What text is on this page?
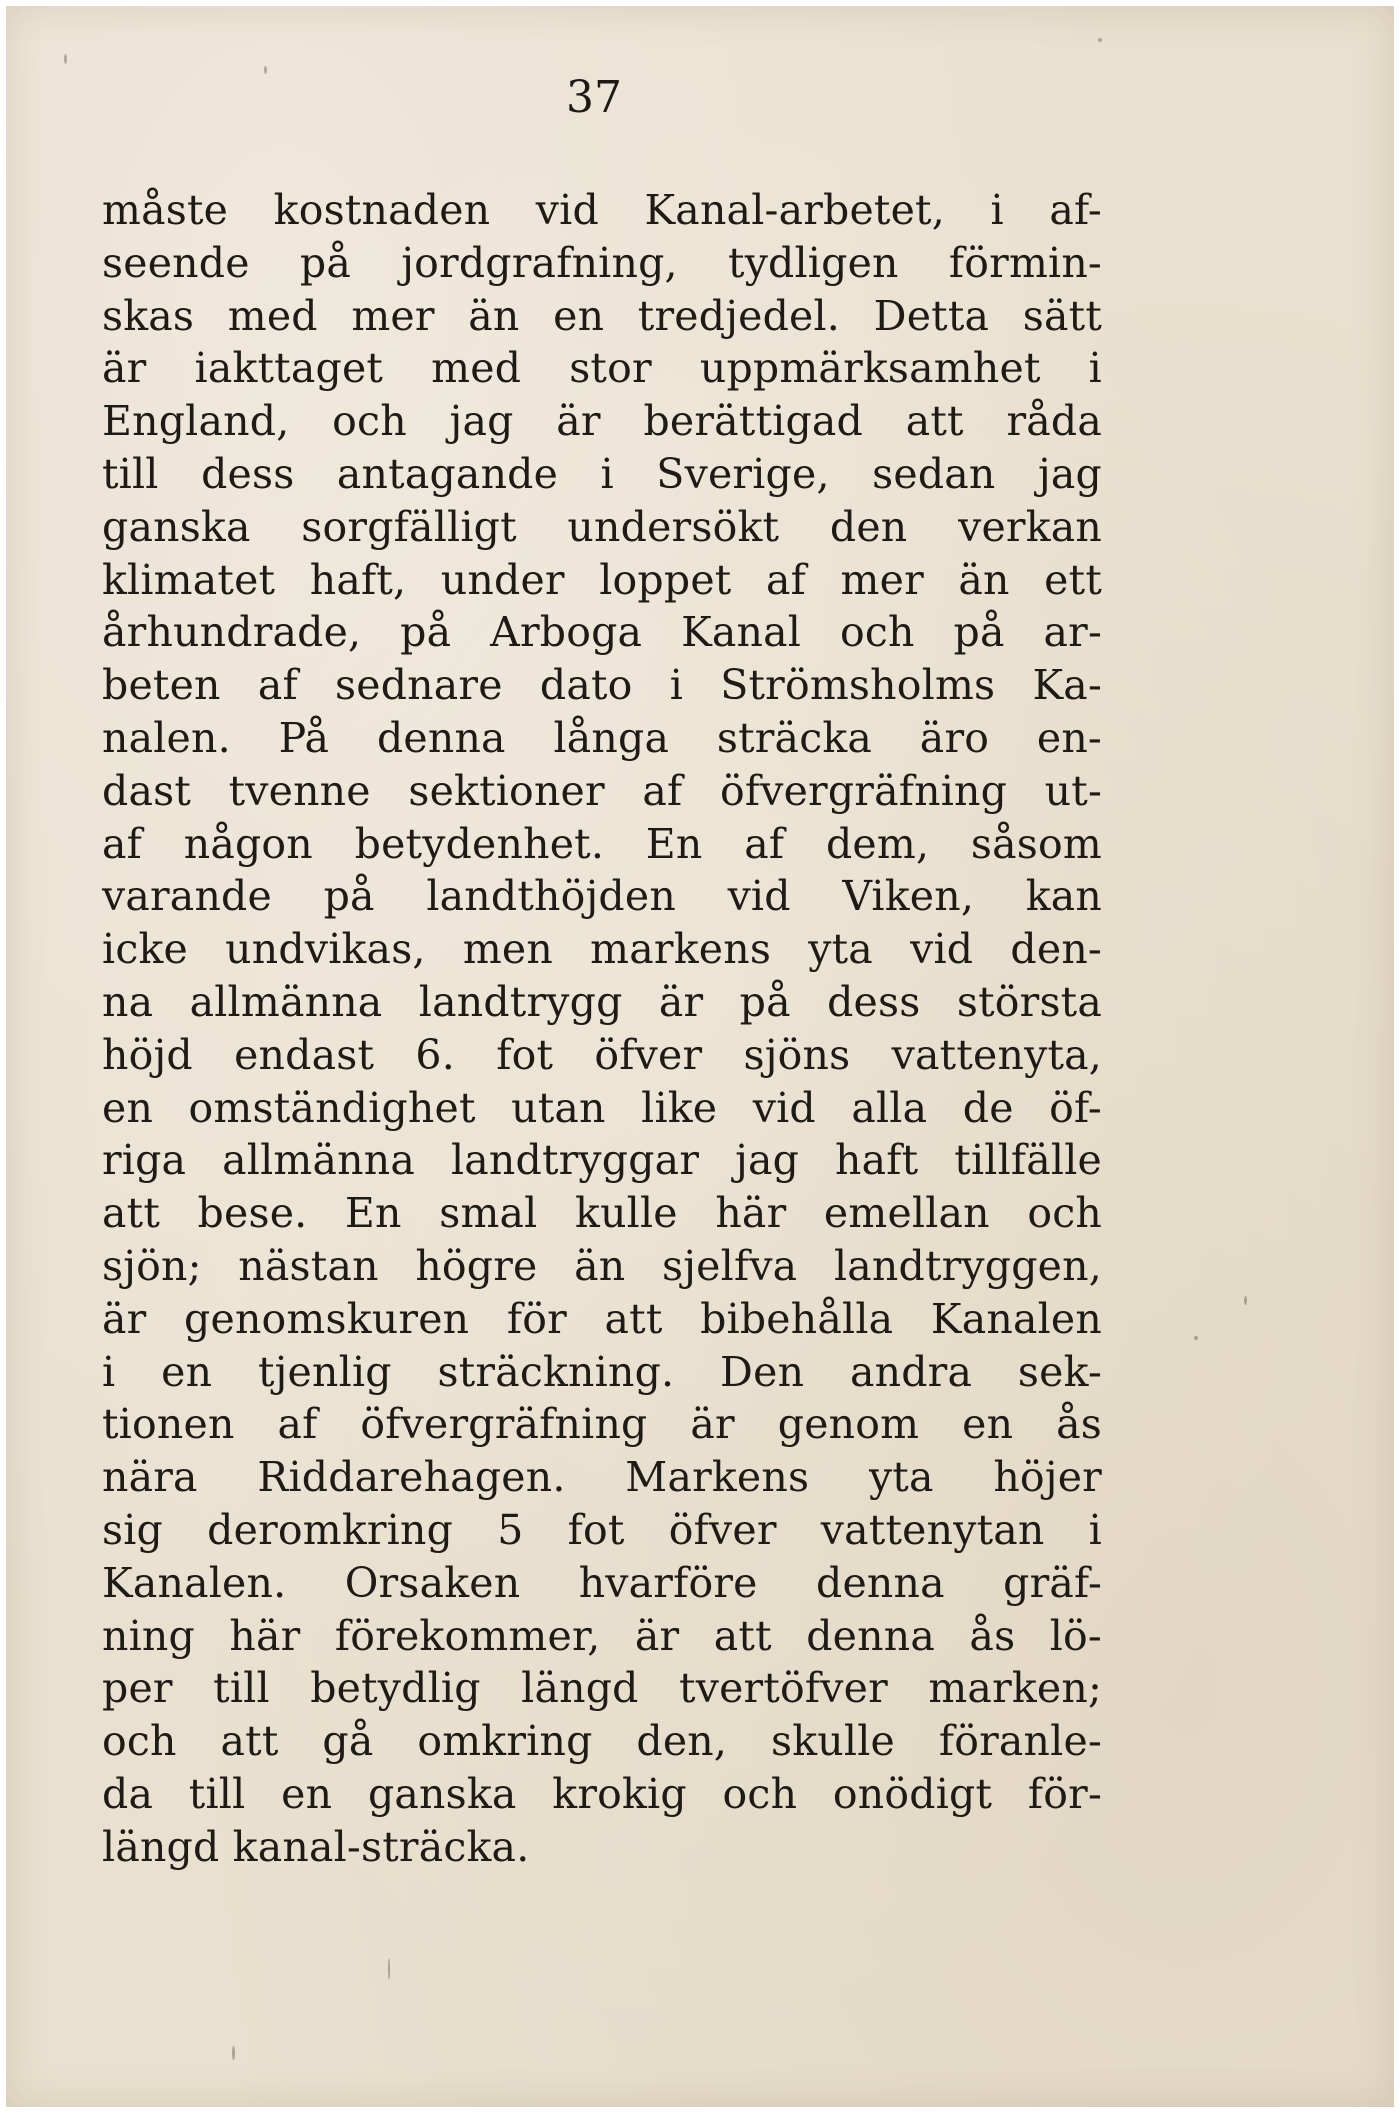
37

måste kostnaden vid Kanal-arbetet, i af-
seende på jordgrafning, tydligen förmin-
skas med mer än en tredjedel. Detta sätt
är iakttaget med stor uppmärksamhet i
England, och jag är berättigad att råda
till dess antagande i Sverige, sedan jag
ganska sorgfälligt undersökt den verkan
klimatet haft, under loppet af mer än ett
århundrade, på Arboga Kanal och på ar-
beten af sednare dato i Strömsholms Ka-
nalen. På denna långa sträcka äro en-
dast tvenne sektioner af öfvergräfning ut-
af någon betydenhet. En af dem, såsom
varande på landthöjden vid Viken, kan
icke undvikas, men markens yta vid den-
na allmänna landtrygg är på dess största
höjd endast 6. fot öfver sjöns vattenyta,
en omständighet utan like vid alla de öf-
riga allmänna landtryggar jag haft tillfälle
att bese. En smal kulle här emellan och
sjön; nästan högre än sjelfva landtryggen,
är genomskuren för att bibehålla Kanalen
i en tjenlig sträckning. Den andra sek-
tionen af öfvergräfning är genom en ås
nära Riddarehagen. Markens yta höjer
sig deromkring 5 fot öfver vattenytan i
Kanalen. Orsaken hvarföre denna gräf-
ning här förekommer, är att denna ås lö-
per till betydlig längd tvertöfver marken;
och att gå omkring den, skulle föranle-
da till en ganska krokig och onödigt för-
längd kanal-sträcka.
